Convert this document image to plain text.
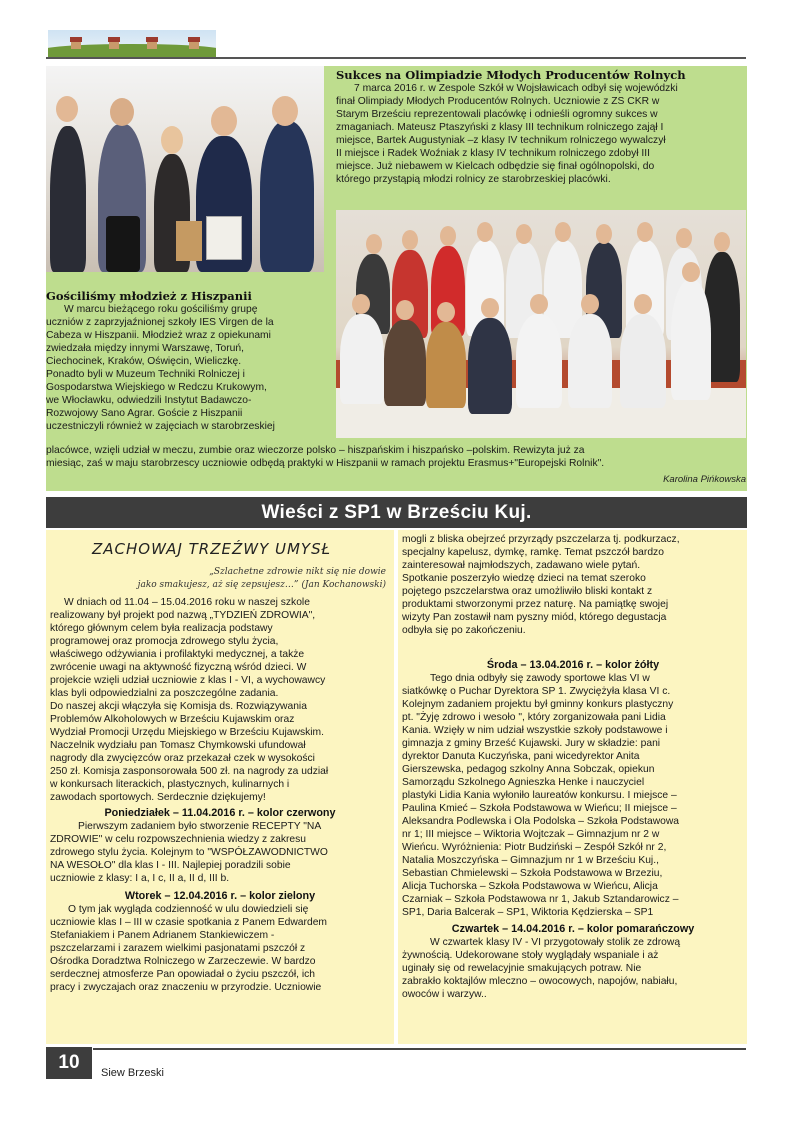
Sukces na Olimpiadzie Młodych Producentów Rolnych
7 marca 2016 r. w Zespole Szkół w Wojsławicach odbył się wojewódzki
finał Olimpiady Młodych Producentów Rolnych. Uczniowie z ZS CKR w
Starym Brześciu reprezentowali placówkę i odnieśli ogromny sukces w
zmaganiach. Mateusz Ptaszyński z klasy III technikum rolniczego zajął I
miejsce, Bartek Augustyniak –z klasy IV technikum rolniczego wywalczył
II miejsce i Radek Woźniak z klasy IV technikum rolniczego zdobył III
miejsce. Już niebawem w Kielcach odbędzie się finał ogólnopolski, do
którego przystąpią młodzi rolnicy ze starobrzeskiej placówki.
Gościliśmy młodzież z Hiszpanii
W marcu bieżącego roku gościliśmy grupę
uczniów z zaprzyjaźnionej szkoły IES Virgen de la
Cabeza w Hiszpanii. Młodzież wraz z opiekunami
zwiedzała między innymi Warszawę, Toruń,
Ciechocinek, Kraków, Oświęcin, Wieliczkę.
Ponadto byli w Muzeum Techniki Rolniczej i
Gospodarstwa Wiejskiego w Redczu Krukowym,
we Włocławku, odwiedzili Instytut Badawczo-
Rozwojowy Sano Agrar. Goście z Hiszpanii
uczestniczyli również w zajęciach w starobrzeskiej
placówce, wzięli udział w meczu, zumbie oraz wieczorze polsko – hiszpańskim i hiszpańsko –polskim. Rewizyta już za
miesiąc, zaś w maju starobrzescy uczniowie odbędą praktyki w Hiszpanii w ramach projektu Erasmus+"Europejski Rolnik".
Karolina Pińkowska
Wieści z SP1 w Brześciu Kuj.
ZACHOWAJ TRZEŹWY UMYSŁ
„Szlachetne zdrowie nikt się nie dowie
jako smakujesz, aż się zepsujesz…” (Jan Kochanowski)
W dniach od 11.04 – 15.04.2016 roku w naszej szkole
realizowany był projekt pod nazwą „TYDZIEŃ ZDROWIA",
którego głównym celem była realizacja podstawy
programowej oraz promocja zdrowego stylu życia,
właściwego odżywiania i profilaktyki medycznej, a także
zwrócenie uwagi na aktywność fizyczną wśród dzieci. W
projekcie wzięli udział uczniowie z klas I - VI, a wychowawcy
klas byli odpowiedzialni za poszczególne zadania.
Do naszej akcji włączyła się Komisja ds. Rozwiązywania
Problemów Alkoholowych w Brześciu Kujawskim oraz
Wydział Promocji Urzędu Miejskiego w Brześciu Kujawskim.
Naczelnik wydziału pan Tomasz Chymkowski ufundował
nagrody dla zwycięzców oraz przekazał czek w wysokości
250 zł. Komisja zasponsorowała 500 zł. na nagrody za udział
w konkursach literackich, plastycznych, kulinarnych i
zawodach sportowych. Serdecznie dziękujemy!
Poniedziałek – 11.04.2016 r. – kolor czerwony
Pierwszym zadaniem było stworzenie RECEPTY "NA
ZDROWIE" w celu rozpowszechnienia wiedzy z zakresu
zdrowego stylu życia. Kolejnym to "WSPÓŁZAWODNICTWO
NA WESOŁO" dla klas I - III. Najlepiej poradzili sobie
uczniowie z klasy: I a, I c, II a, II d, III b.
Wtorek – 12.04.2016 r. – kolor zielony
O tym jak wygląda codzienność w ulu dowiedzieli się
uczniowie klas I – III w czasie spotkania z Panem Edwardem
Stefaniakiem i Panem Adrianem Stankiewiczem -
pszczelarzami i zarazem wielkimi pasjonatami pszczół z
Ośrodka Doradztwa Rolniczego w Zarzeczewie. W bardzo
serdecznej atmosferze Pan opowiadał o życiu pszczół, ich
pracy i zwyczajach oraz znaczeniu w przyrodzie. Uczniowie
mogli z bliska obejrzeć przyrządy pszczelarza tj. podkurzacz,
specjalny kapelusz, dymkę, ramkę. Temat pszczół bardzo
zainteresował najmłodszych, zadawano wiele pytań.
Spotkanie poszerzyło wiedzę dzieci na temat szeroko
pojętego pszczelarstwa oraz umożliwiło bliski kontakt z
produktami stworzonymi przez naturę. Na pamiątkę swojej
wizyty Pan zostawił nam pyszny miód, którego degustacja
odbyła się po zakończeniu.
Środa – 13.04.2016 r. – kolor żółty
Tego dnia odbyły się zawody sportowe klas VI w
siatkówkę o Puchar Dyrektora SP 1. Zwyciężyła klasa VI c.
Kolejnym zadaniem projektu był gminny konkurs plastyczny
pt. "Żyję zdrowo i wesoło ", który zorganizowała pani Lidia
Kania. Wzięły w nim udział wszystkie szkoły podstawowe i
gimnazja z gminy Brześć Kujawski. Jury w składzie: pani
dyrektor Danuta Kuczyńska, pani wicedyrektor Anita
Gierszewska, pedagog szkolny Anna Sobczak, opiekun
Samorządu Szkolnego Agnieszka Henke i nauczyciel
plastyki Lidia Kania wyłoniło laureatów konkursu. I miejsce –
Paulina Kmieć – Szkoła Podstawowa w Wieńcu; II miejsce –
Aleksandra Podlewska i Ola Podolska – Szkoła Podstawowa
nr 1; III miejsce – Wiktoria Wojtczak – Gimnazjum nr 2 w
Wieńcu. Wyróżnienia: Piotr Budziński – Zespół Szkół nr 2,
Natalia Moszczyńska – Gimnazjum nr 1 w Brześciu Kuj.,
Sebastian Chmielewski – Szkoła Podstawowa w Brzeziu,
Alicja Tuchorska – Szkoła Podstawowa w Wieńcu, Alicja
Czarniak – Szkoła Podstawowa nr 1, Jakub Sztandarowicz –
SP1, Daria Balcerak – SP1, Wiktoria Kędzierska – SP1
Czwartek – 14.04.2016 r. – kolor pomarańczowy
W czwartek klasy IV - VI przygotowały stolik ze zdrową
żywnością. Udekorowane stoły wyglądały wspaniale i aż
uginały się od rewelacyjnie smakujących potraw. Nie
zabrakło koktajlów mleczno – owocowych, napojów, nabiału,
owoców i warzyw..
10	Siew Brzeski
